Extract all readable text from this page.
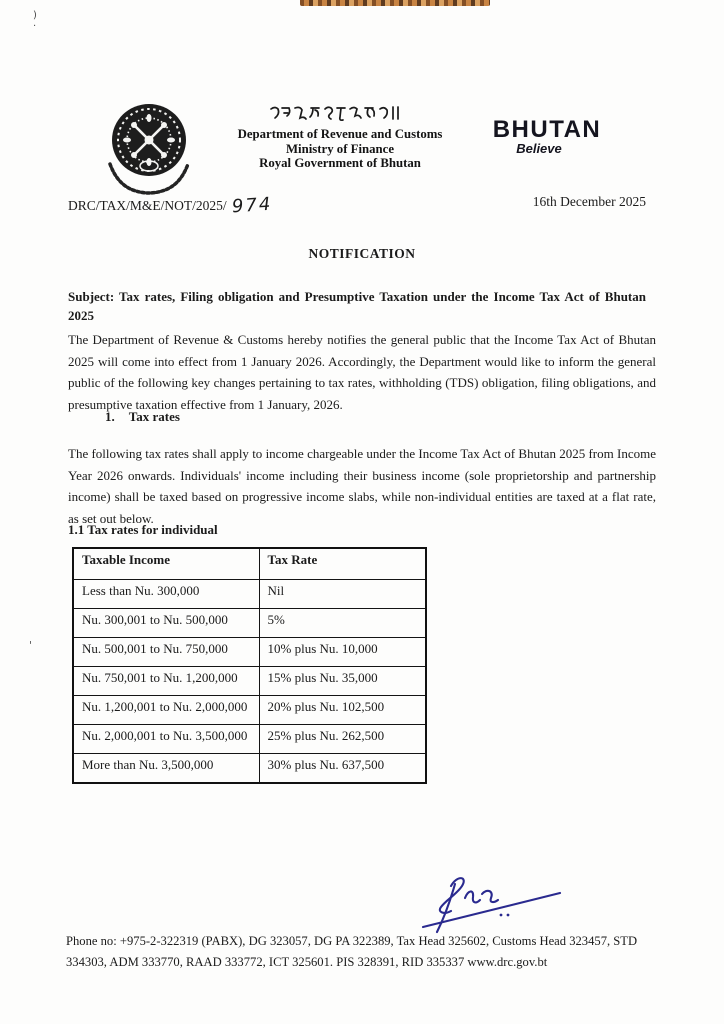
)
.
'
Department of Revenue and Customs
Ministry of Finance
Royal Government of Bhutan
BHUTAN
Believe
DRC/TAX/M&E/NOT/2025/ 974	16th December 2025
NOTIFICATION
Subject: Tax rates, Filing obligation and Presumptive Taxation under the Income Tax Act of Bhutan 2025
The Department of Revenue & Customs hereby notifies the general public that the Income Tax Act of Bhutan 2025 will come into effect from 1 January 2026. Accordingly, the Department would like to inform the general public of the following key changes pertaining to tax rates, withholding (TDS) obligation, filing obligations, and presumptive taxation effective from 1 January, 2026.
1. Tax rates
The following tax rates shall apply to income chargeable under the Income Tax Act of Bhutan 2025 from Income Year 2026 onwards. Individuals' income including their business income (sole proprietorship and partnership income) shall be taxed based on progressive income slabs, while non-individual entities are taxed at a flat rate, as set out below.
1.1 Tax rates for individual
Taxable Income	Tax Rate
Less than Nu. 300,000	Nil
Nu. 300,001 to Nu. 500,000	5%
Nu. 500,001 to Nu. 750,000	10% plus Nu. 10,000
Nu. 750,001 to Nu. 1,200,000	15% plus Nu. 35,000
Nu. 1,200,001 to Nu. 2,000,000	20% plus Nu. 102,500
Nu. 2,000,001 to Nu. 3,500,000	25% plus Nu. 262,500
More than Nu. 3,500,000	30% plus Nu. 637,500
Phone no: +975-2-322319 (PABX), DG 323057, DG PA 322389, Tax Head 325602, Customs Head 323457, STD 334303, ADM 333770, RAAD 333772, ICT 325601. PIS 328391, RID 335337 www.drc.gov.bt
